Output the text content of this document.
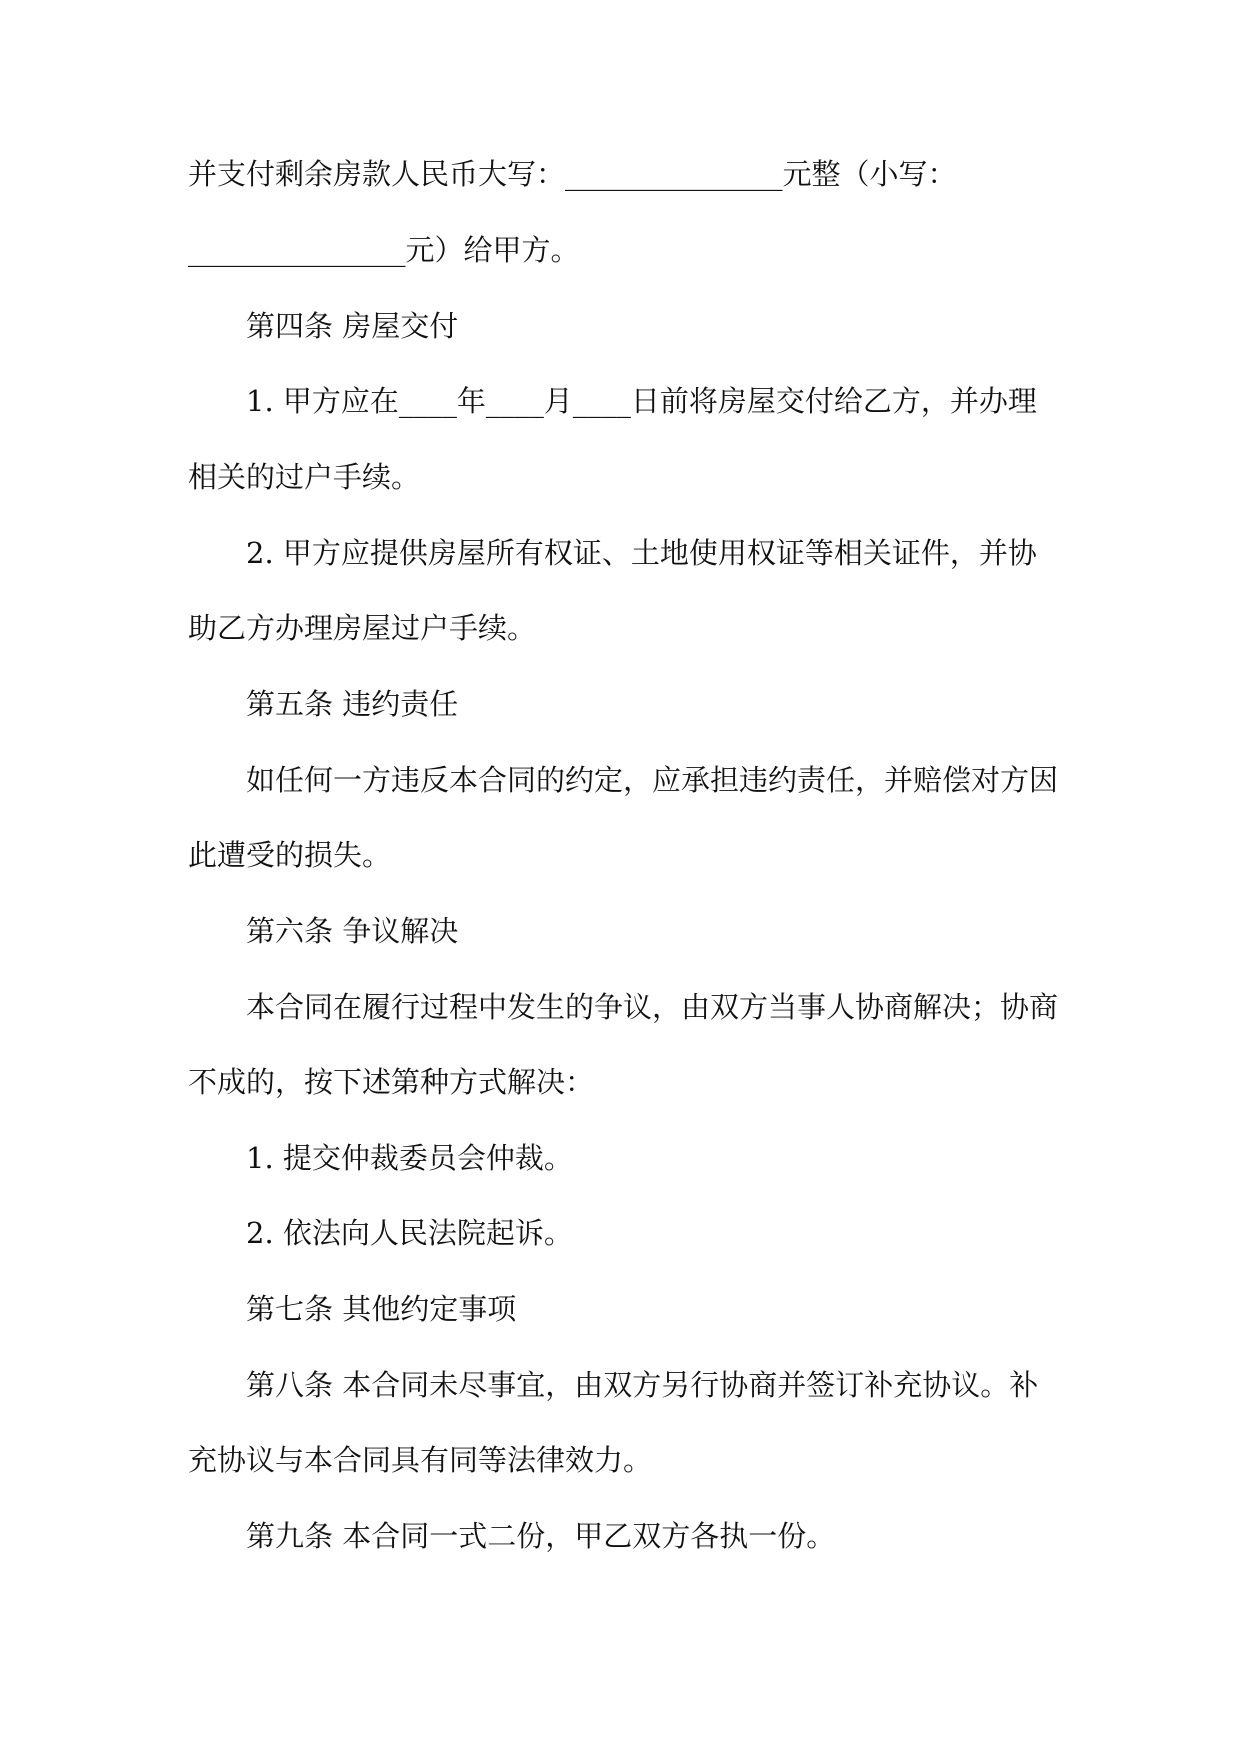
并支付剩余房款人民币大写：_______________元整（小写：
_______________元）给甲方。
第四条 房屋交付
1. 甲方应在____年____月____日前将房屋交付给乙方，并办理
相关的过户手续。
2. 甲方应提供房屋所有权证、土地使用权证等相关证件，并协
助乙方办理房屋过户手续。
第五条 违约责任
如任何一方违反本合同的约定，应承担违约责任，并赔偿对方因
此遭受的损失。
第六条 争议解决
本合同在履行过程中发生的争议，由双方当事人协商解决；协商
不成的，按下述第种方式解决：
1. 提交仲裁委员会仲裁。
2. 依法向人民法院起诉。
第七条 其他约定事项
第八条 本合同未尽事宜，由双方另行协商并签订补充协议。补
充协议与本合同具有同等法律效力。
第九条 本合同一式二份，甲乙双方各执一份。
